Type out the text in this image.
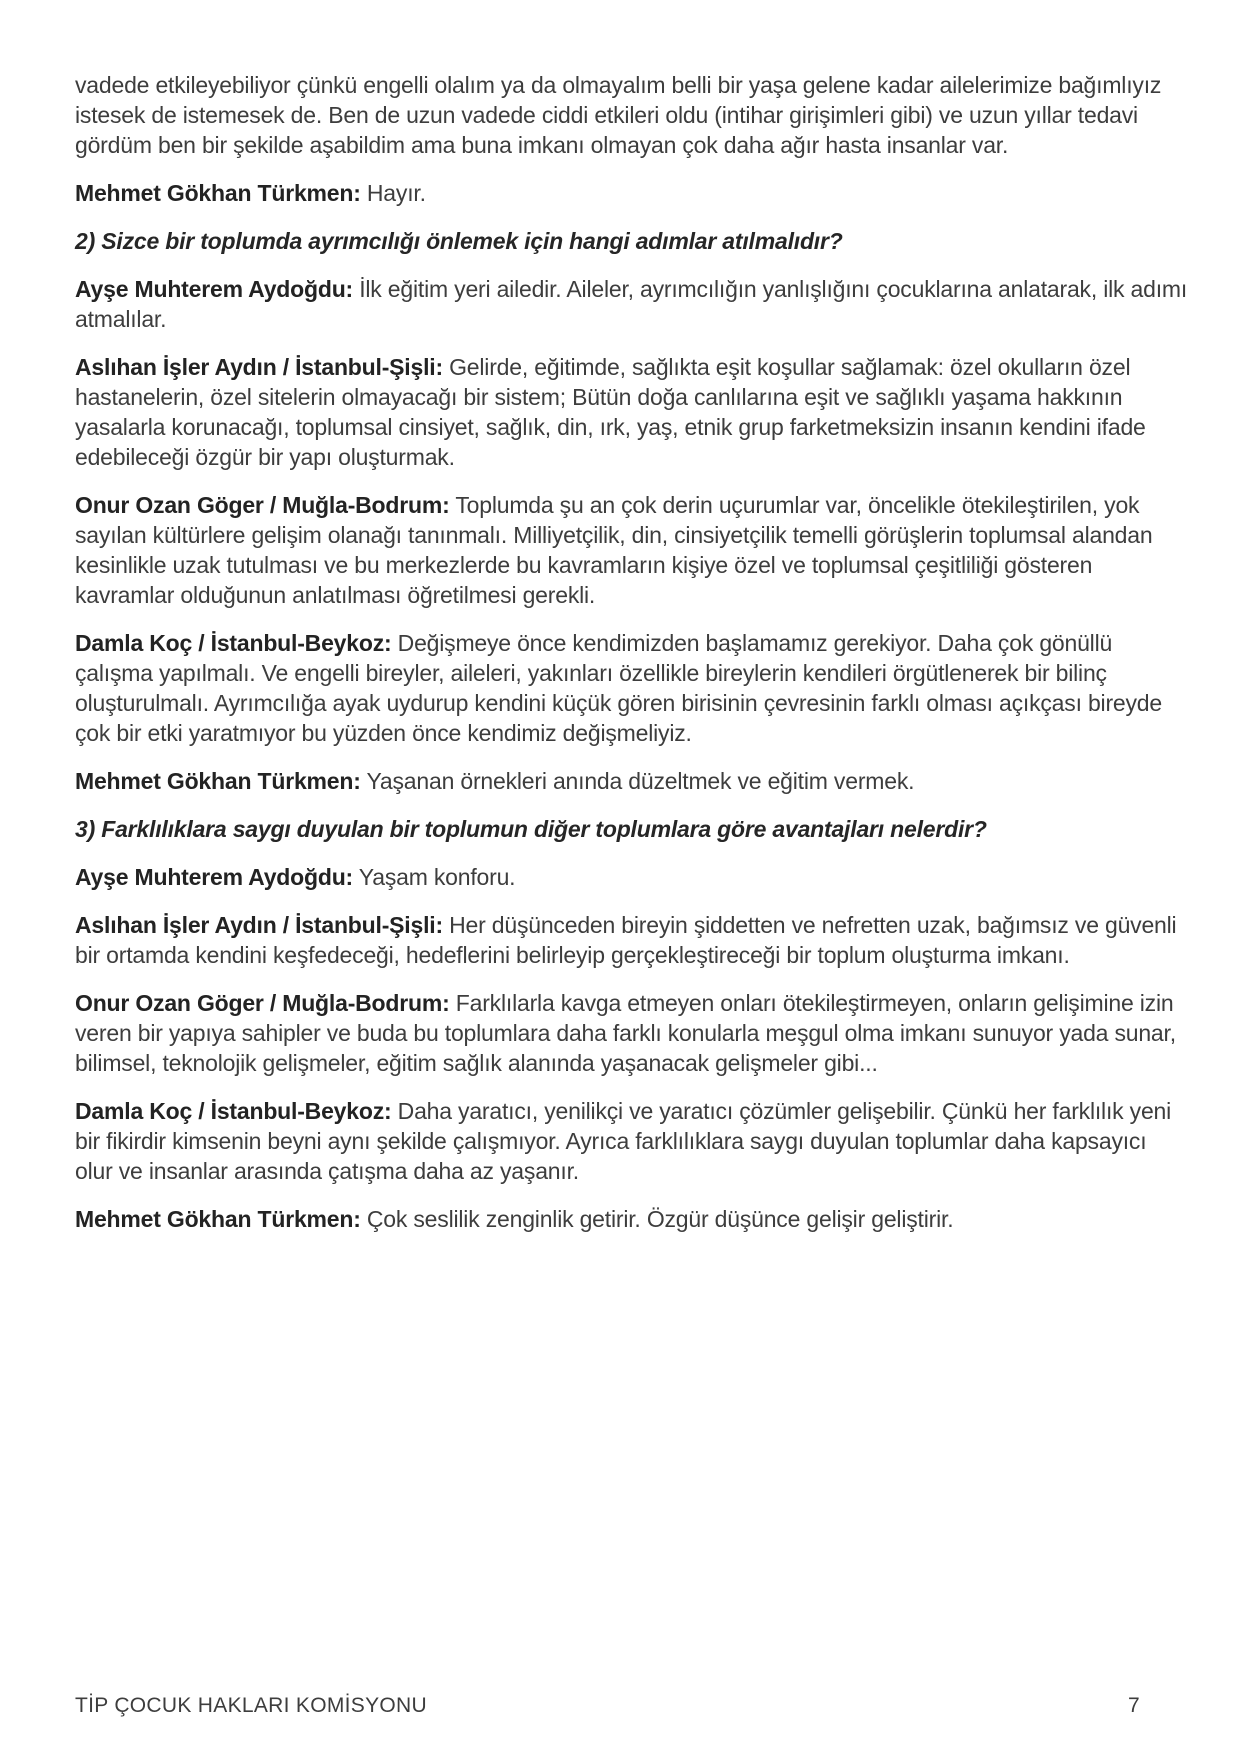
vadede etkileyebiliyor çünkü engelli olalım ya da olmayalım belli bir yaşa gelene kadar ailelerimize bağımlıyız istesek de istemesek de. Ben de uzun vadede ciddi etkileri oldu (intihar girişimleri gibi) ve uzun yıllar tedavi gördüm ben bir şekilde aşabildim ama buna imkanı olmayan çok daha ağır hasta insanlar var.

Mehmet Gökhan Türkmen: Hayır.

2) Sizce bir toplumda ayrımcılığı önlemek için hangi adımlar atılmalıdır?

Ayşe Muhterem Aydoğdu: İlk eğitim yeri ailedir. Aileler, ayrımcılığın yanlışlığını çocuklarına anlatarak, ilk adımı atmalılar.

Aslıhan İşler Aydın / İstanbul-Şişli: Gelirde, eğitimde, sağlıkta eşit koşullar sağlamak: özel okulların özel hastanelerin, özel sitelerin olmayacağı bir sistem; Bütün doğa canlılarına eşit ve sağlıklı yaşama hakkının yasalarla korunacağı, toplumsal cinsiyet, sağlık, din, ırk, yaş, etnik grup farketmeksizin insanın kendini ifade edebileceği özgür bir yapı oluşturmak.

Onur Ozan Göger / Muğla-Bodrum: Toplumda şu an çok derin uçurumlar var, öncelikle ötekileştirilen, yok sayılan kültürlere gelişim olanağı tanınmalı. Milliyetçilik, din, cinsiyetçilik temelli görüşlerin toplumsal alandan kesinlikle uzak tutulması ve bu merkezlerde bu kavramların kişiye özel ve toplumsal çeşitliliği gösteren kavramlar olduğunun anlatılması öğretilmesi gerekli.

Damla Koç / İstanbul-Beykoz: Değişmeye önce kendimizden başlamamız gerekiyor. Daha çok gönüllü çalışma yapılmalı. Ve engelli bireyler, aileleri, yakınları özellikle bireylerin kendileri örgütlenerek bir bilinç oluşturulmalı. Ayrımcılığa ayak uydurup kendini küçük gören birisinin çevresinin farklı olması açıkçası bireyde çok bir etki yaratmıyor bu yüzden önce kendimiz değişmeliyiz.

Mehmet Gökhan Türkmen: Yaşanan örnekleri anında düzeltmek ve eğitim vermek.

3) Farklılıklara saygı duyulan bir toplumun diğer toplumlara göre avantajları nelerdir?

Ayşe Muhterem Aydoğdu: Yaşam konforu.

Aslıhan İşler Aydın / İstanbul-Şişli: Her düşünceden bireyin şiddetten ve nefretten uzak, bağımsız ve güvenli bir ortamda kendini keşfedeceği, hedeflerini belirleyip gerçekleştireceği bir toplum oluşturma imkanı.

Onur Ozan Göger / Muğla-Bodrum: Farklılarla kavga etmeyen onları ötekileştirmeyen, onların gelişimine izin veren bir yapıya sahipler ve buda bu toplumlara daha farklı konularla meşgul olma imkanı sunuyor yada sunar, bilimsel, teknolojik gelişmeler, eğitim sağlık alanında yaşanacak gelişmeler gibi...

Damla Koç / İstanbul-Beykoz: Daha yaratıcı, yenilikçi ve yaratıcı çözümler gelişebilir. Çünkü her farklılık yeni bir fikirdir kimsenin beyni aynı şekilde çalışmıyor. Ayrıca farklılıklara saygı duyulan toplumlar daha kapsayıcı olur ve insanlar arasında çatışma daha az yaşanır.

Mehmet Gökhan Türkmen: Çok seslilik zenginlik getirir. Özgür düşünce gelişir geliştirir.

TİP ÇOCUK HAKLARI KOMİSYONU	7
